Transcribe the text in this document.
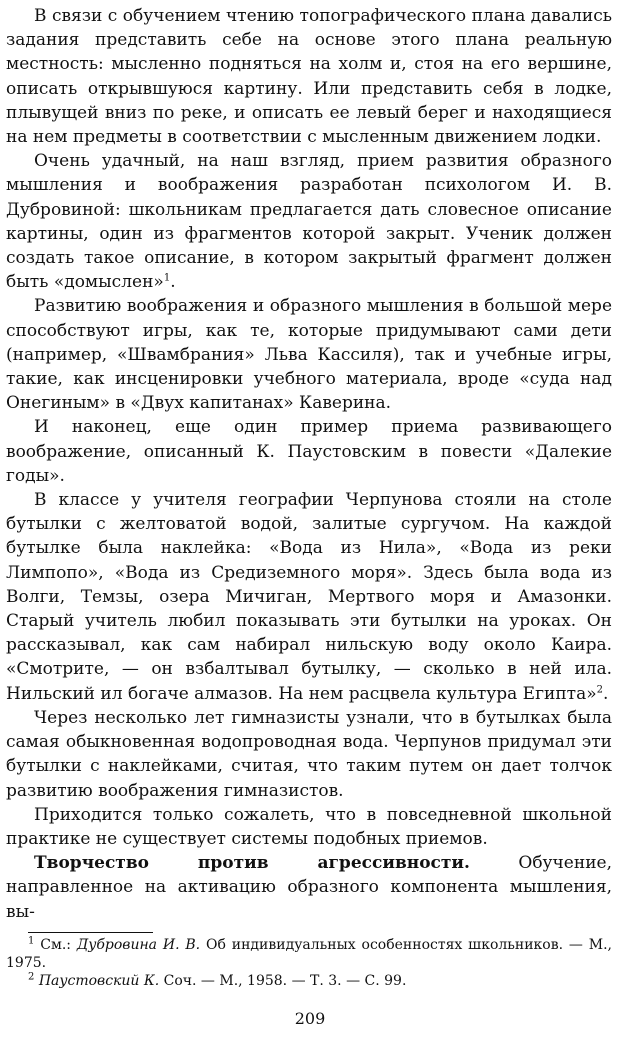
В связи с обучением чтению топографического плана давались задания представить себе на основе этого плана реальную местность: мысленно подняться на холм и, стоя на его вершине, описать открывшуюся картину. Или представить себя в лодке, плывущей вниз по реке, и описать ее левый берег и находящиеся на нем предметы в соответствии с мысленным движением лодки.

Очень удачный, на наш взгляд, прием развития образного мышления и воображения разработан психологом И. В. Дубровиной: школьникам предлагается дать словесное описание картины, один из фрагментов которой закрыт. Ученик должен создать такое описание, в котором закрытый фрагмент должен быть «домыслен»$^1$.

Развитию воображения и образного мышления в большой мере способствуют игры, как те, которые придумывают сами дети (например, «Швамбрания» Льва Кассиля), так и учебные игры, такие, как инсценировки учебного материала, вроде «суда над Онегиным» в «Двух капитанах» Каверина.

И наконец, еще один пример приема развивающего воображение, описанный К. Паустовским в повести «Далекие годы».

В классе у учителя географии Черпунова стояли на столе бутылки с желтоватой водой, залитые сургучом. На каждой бутылке была наклейка: «Вода из Нила», «Вода из реки Лимпопо», «Вода из Средиземного моря». Здесь была вода из Волги, Темзы, озера Мичиган, Мертвого моря и Амазонки. Старый учитель любил показывать эти бутылки на уроках. Он рассказывал, как сам набирал нильскую воду около Каира. «Смотрите, — он взбалтывал бутылку, — сколько в ней ила. Нильский ил богаче алмазов. На нем расцвела культура Египта»$^2$.

Через несколько лет гимназисты узнали, что в бутылках была самая обыкновенная водопроводная вода. Черпунов придумал эти бутылки с наклейками, считая, что таким путем он дает толчок развитию воображения гимназистов.

Приходится только сожалеть, что в повседневной школьной практике не существует системы подобных приемов.

Творчество против агрессивности. Обучение, направленное на активацию образного компонента мышления, вы-

$^1$ См.: Дубровина И. В. Об индивидуальных особенностях школьников. — М., 1975.

$^2$ Паустовский К. Соч. — М., 1958. — Т. 3. — С. 99.

209
